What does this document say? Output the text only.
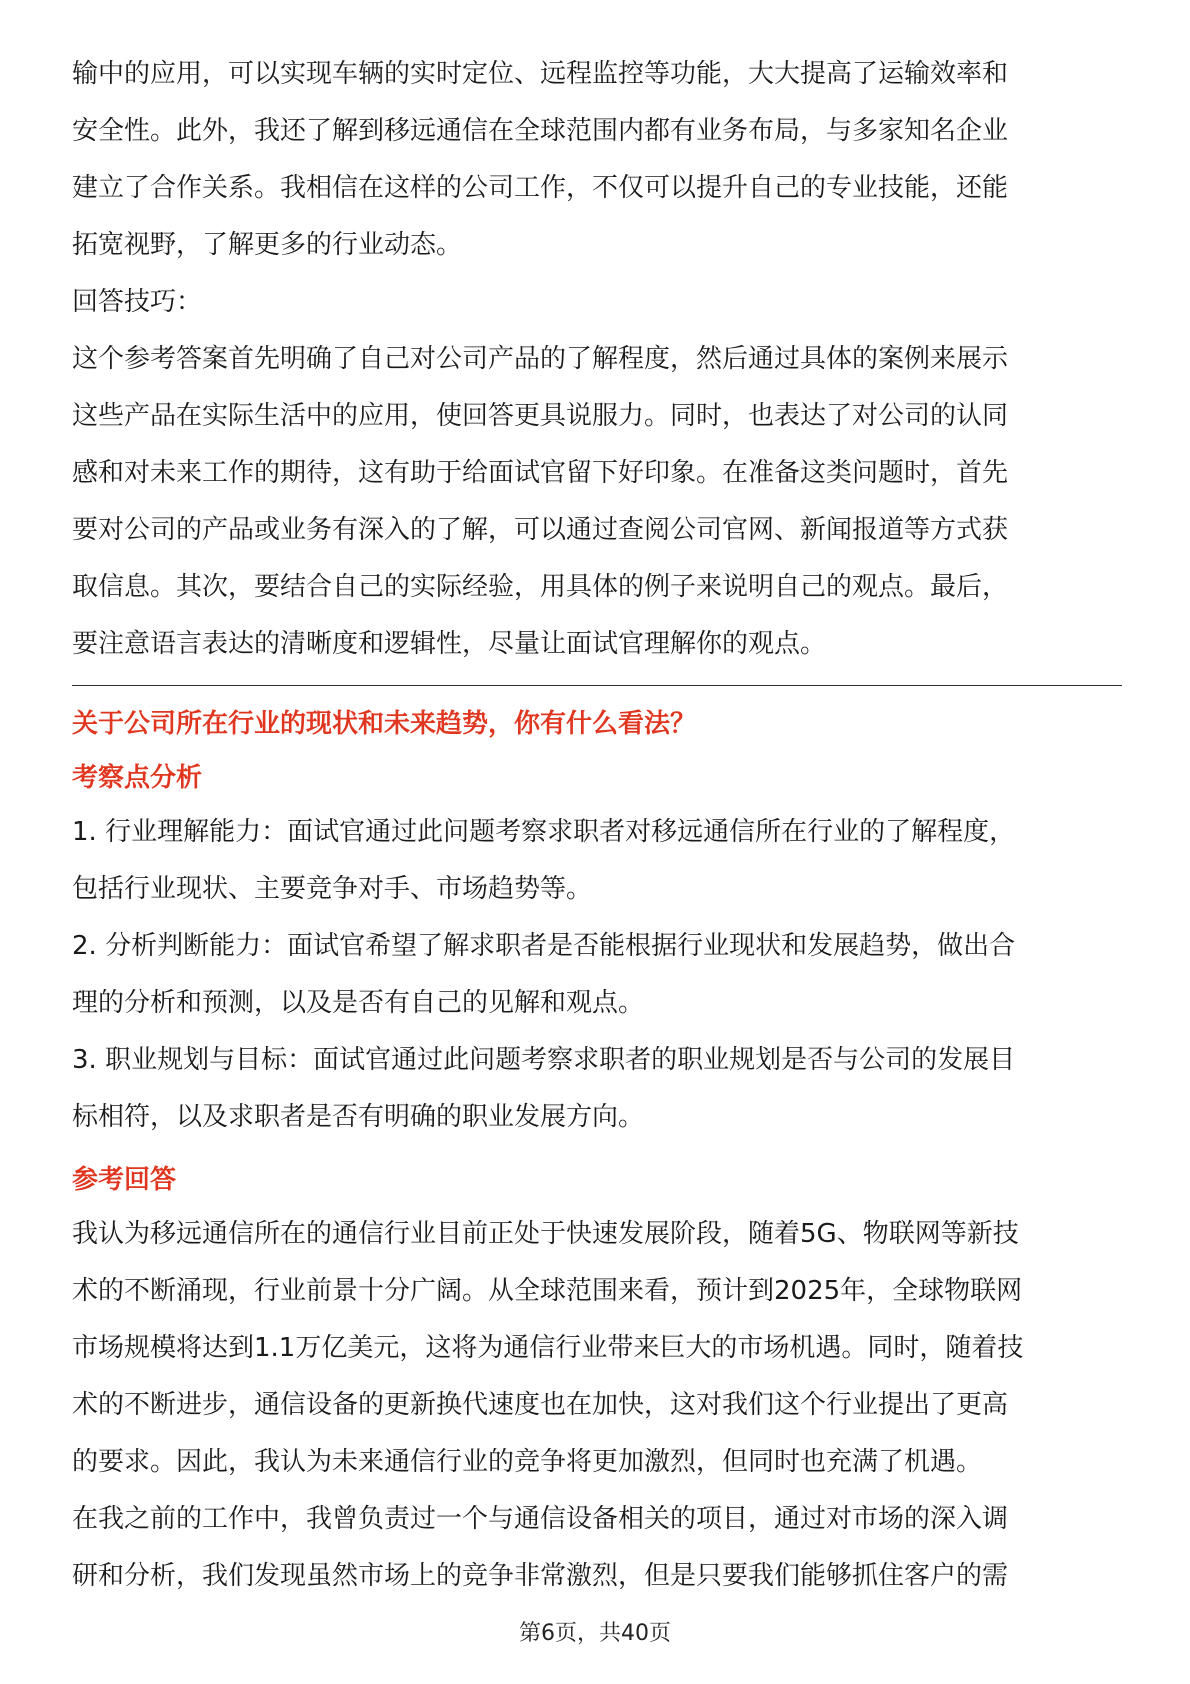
输中的应用，可以实现车辆的实时定位、远程监控等功能，大大提高了运输效率和
安全性。此外，我还了解到移远通信在全球范围内都有业务布局，与多家知名企业
建立了合作关系。我相信在这样的公司工作，不仅可以提升自己的专业技能，还能
拓宽视野，了解更多的行业动态。
回答技巧：
这个参考答案首先明确了自己对公司产品的了解程度，然后通过具体的案例来展示
这些产品在实际生活中的应用，使回答更具说服力。同时，也表达了对公司的认同
感和对未来工作的期待，这有助于给面试官留下好印象。在准备这类问题时，首先
要对公司的产品或业务有深入的了解，可以通过查阅公司官网、新闻报道等方式获
取信息。其次，要结合自己的实际经验，用具体的例子来说明自己的观点。最后，
要注意语言表达的清晰度和逻辑性，尽量让面试官理解你的观点。

关于公司所在行业的现状和未来趋势，你有什么看法？

考察点分析

1. 行业理解能力：面试官通过此问题考察求职者对移远通信所在行业的了解程度，
包括行业现状、主要竞争对手、市场趋势等。
2. 分析判断能力：面试官希望了解求职者是否能根据行业现状和发展趋势，做出合
理的分析和预测，以及是否有自己的见解和观点。
3. 职业规划与目标：面试官通过此问题考察求职者的职业规划是否与公司的发展目
标相符，以及求职者是否有明确的职业发展方向。

参考回答

我认为移远通信所在的通信行业目前正处于快速发展阶段，随着5G、物联网等新技
术的不断涌现，行业前景十分广阔。从全球范围来看，预计到2025年，全球物联网
市场规模将达到1.1万亿美元，这将为通信行业带来巨大的市场机遇。同时，随着技
术的不断进步，通信设备的更新换代速度也在加快，这对我们这个行业提出了更高
的要求。因此，我认为未来通信行业的竞争将更加激烈，但同时也充满了机遇。
在我之前的工作中，我曾负责过一个与通信设备相关的项目，通过对市场的深入调
研和分析，我们发现虽然市场上的竞争非常激烈，但是只要我们能够抓住客户的需
第6页，共40页
